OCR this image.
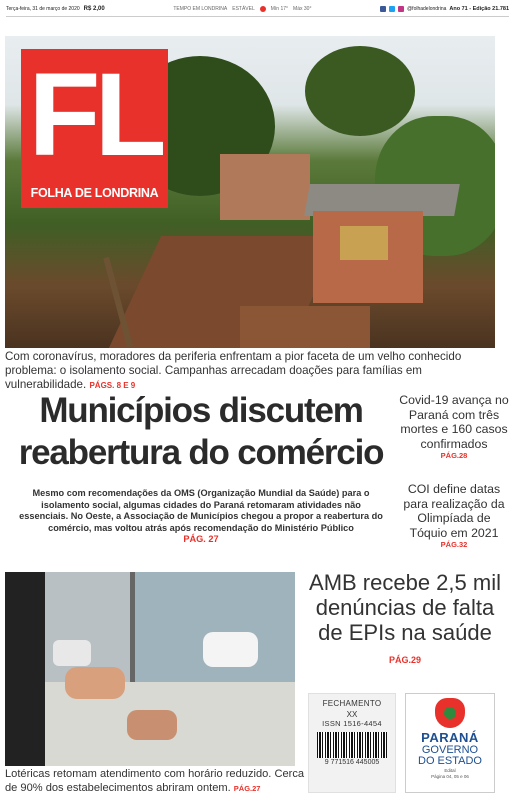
Terça-feira, 31 de março de 2020 R$ 2,00	TEMPO EM LONDRINA ESTÁVEL	Mín 17° Máx 30°	@folhadelondrina Ano 71 - Edição 21.781
FL
FOLHA DE LONDRINA
Com coronavírus, moradores da periferia enfrentam a pior faceta de um velho conhecido problema: o isolamento social. Campanhas arrecadam doações para famílias em vulnerabilidade. PÁGS. 8 E 9
Municípios discutem reabertura do comércio
Mesmo com recomendações da OMS (Organização Mundial da Saúde) para o isolamento social, algumas cidades do Paraná retomaram atividades não essenciais. No Oeste, a Associação de Municípios chegou a propor a reabertura do comércio, mas voltou atrás após recomendação do Ministério Público
PÁG. 27
Covid-19 avança no Paraná com três mortes e 160 casos confirmados
PÁG.28
COI define datas para realização da Olimpíada de Tóquio em 2021
PÁG.32
Lotéricas retomam atendimento com horário reduzido. Cerca de 90% dos estabelecimentos abriram ontem. PÁG.27
AMB recebe 2,5 mil denúncias de falta de EPIs na saúde
PÁG.29
FECHAMENTO
XX
ISSN 1516-4454
9 771516 445005
PARANÁ
GOVERNO
DO ESTADO
Edital
Página 04, 05 e 06
